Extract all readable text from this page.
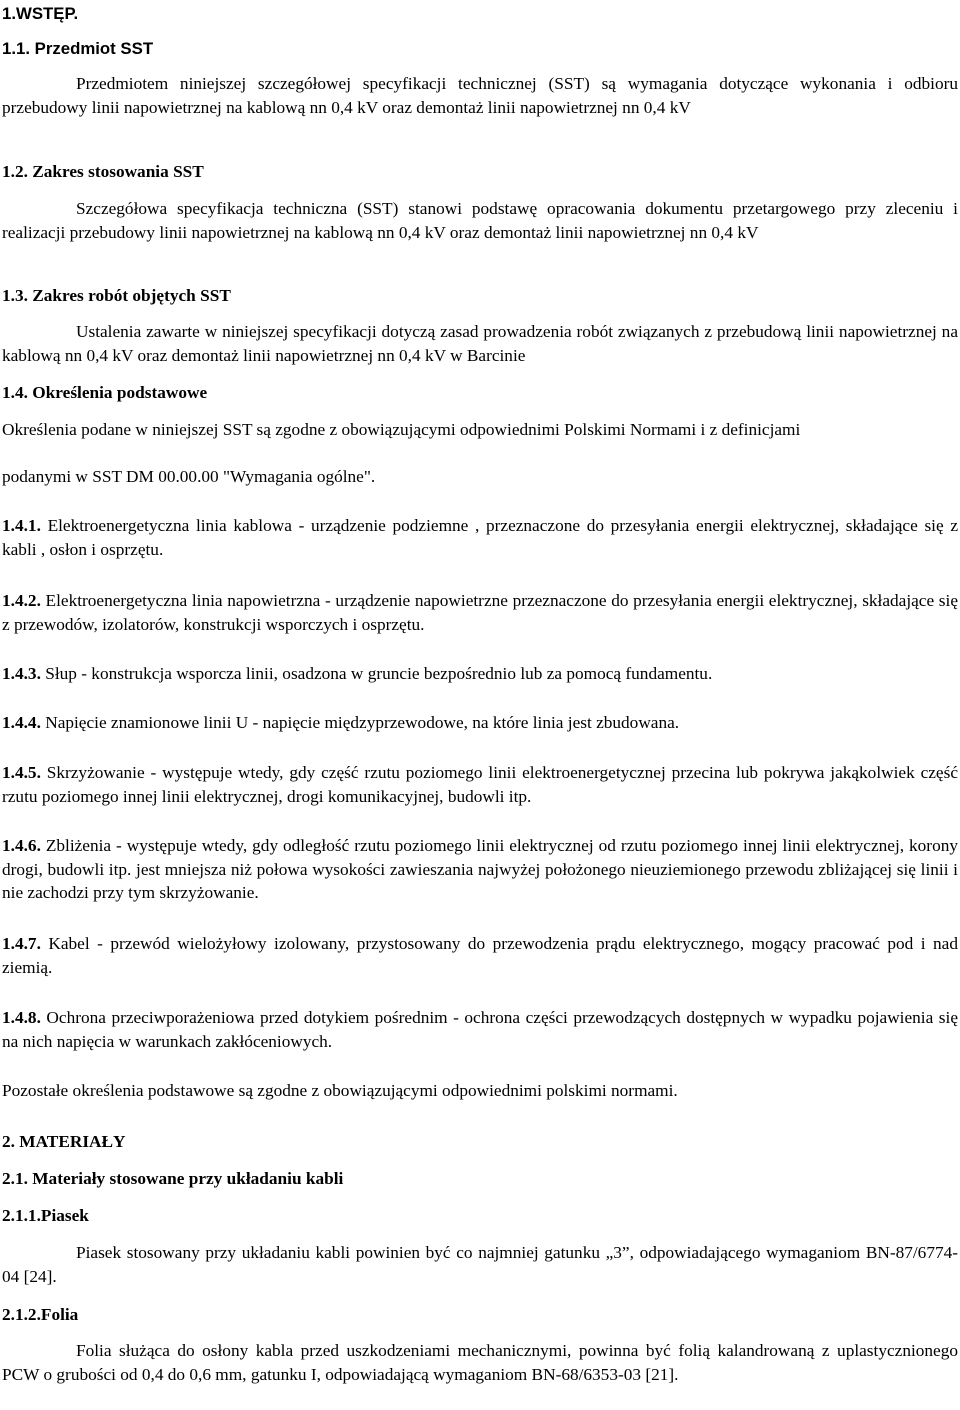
1.WSTĘP.
1.1. Przedmiot SST

Przedmiotem niniejszej szczegółowej specyfikacji technicznej (SST) są wymagania dotyczące wykonania i odbioru przebudowy linii napowietrznej na kablową nn 0,4 kV oraz demontaż linii napowietrznej nn 0,4 kV

1.2. Zakres stosowania SST

Szczegółowa specyfikacja techniczna (SST) stanowi podstawę opracowania dokumentu przetargowego przy zleceniu i realizacji przebudowy linii napowietrznej na kablową nn 0,4 kV oraz demontaż linii napowietrznej nn 0,4 kV

1.3. Zakres robót objętych SST

Ustalenia zawarte w niniejszej specyfikacji dotyczą zasad prowadzenia robót związanych z przebudową linii napowietrznej na kablową nn 0,4 kV oraz demontaż linii napowietrznej nn 0,4 kV w Barcinie

1.4. Określenia podstawowe

Określenia podane w niniejszej SST są zgodne z obowiązującymi odpowiednimi Polskimi Normami i z definicjami

podanymi w SST DM 00.00.00 "Wymagania ogólne".

1.4.1. Elektroenergetyczna linia kablowa - urządzenie podziemne , przeznaczone do przesyłania energii elektrycznej, składające się z kabli , osłon i osprzętu.

1.4.2. Elektroenergetyczna linia napowietrzna - urządzenie napowietrzne przeznaczone do przesyłania energii elektrycznej, składające się z przewodów, izolatorów, konstrukcji wsporczych i osprzętu.

1.4.3. Słup - konstrukcja wsporcza linii, osadzona w gruncie bezpośrednio lub za pomocą fundamentu.

1.4.4. Napięcie znamionowe linii U - napięcie międzyprzewodowe, na które linia jest zbudowana.

1.4.5. Skrzyżowanie - występuje wtedy, gdy część rzutu poziomego linii elektroenergetycznej przecina lub pokrywa jakąkolwiek część rzutu poziomego innej linii elektrycznej, drogi komunikacyjnej, budowli itp.

1.4.6. Zbliżenia - występuje wtedy, gdy odległość rzutu poziomego linii elektrycznej od rzutu poziomego innej linii elektrycznej, korony drogi, budowli itp. jest mniejsza niż połowa wysokości zawieszania najwyżej położonego nieuziemionego przewodu zbliżającej się linii i nie zachodzi przy tym skrzyżowanie.

1.4.7. Kabel - przewód wielożyłowy izolowany, przystosowany do przewodzenia prądu elektrycznego, mogący pracować pod i nad ziemią.

1.4.8. Ochrona przeciwporażeniowa przed dotykiem pośrednim - ochrona części przewodzących dostępnych w wypadku pojawienia się na nich napięcia w warunkach zakłóceniowych.

Pozostałe określenia podstawowe są zgodne z obowiązującymi odpowiednimi polskimi normami.

2. MATERIAŁY
2.1. Materiały stosowane przy układaniu kabli
2.1.1.Piasek

Piasek stosowany przy układaniu kabli powinien być co najmniej gatunku „3”, odpowiadającego wymaganiom BN-87/6774-04 [24].

2.1.2.Folia

Folia służąca do osłony kabla przed uszkodzeniami mechanicznymi, powinna być folią kalandrowaną z uplastycznionego PCW o grubości od 0,4 do 0,6 mm, gatunku I, odpowiadającą wymaganiom BN-68/6353-03 [21].
